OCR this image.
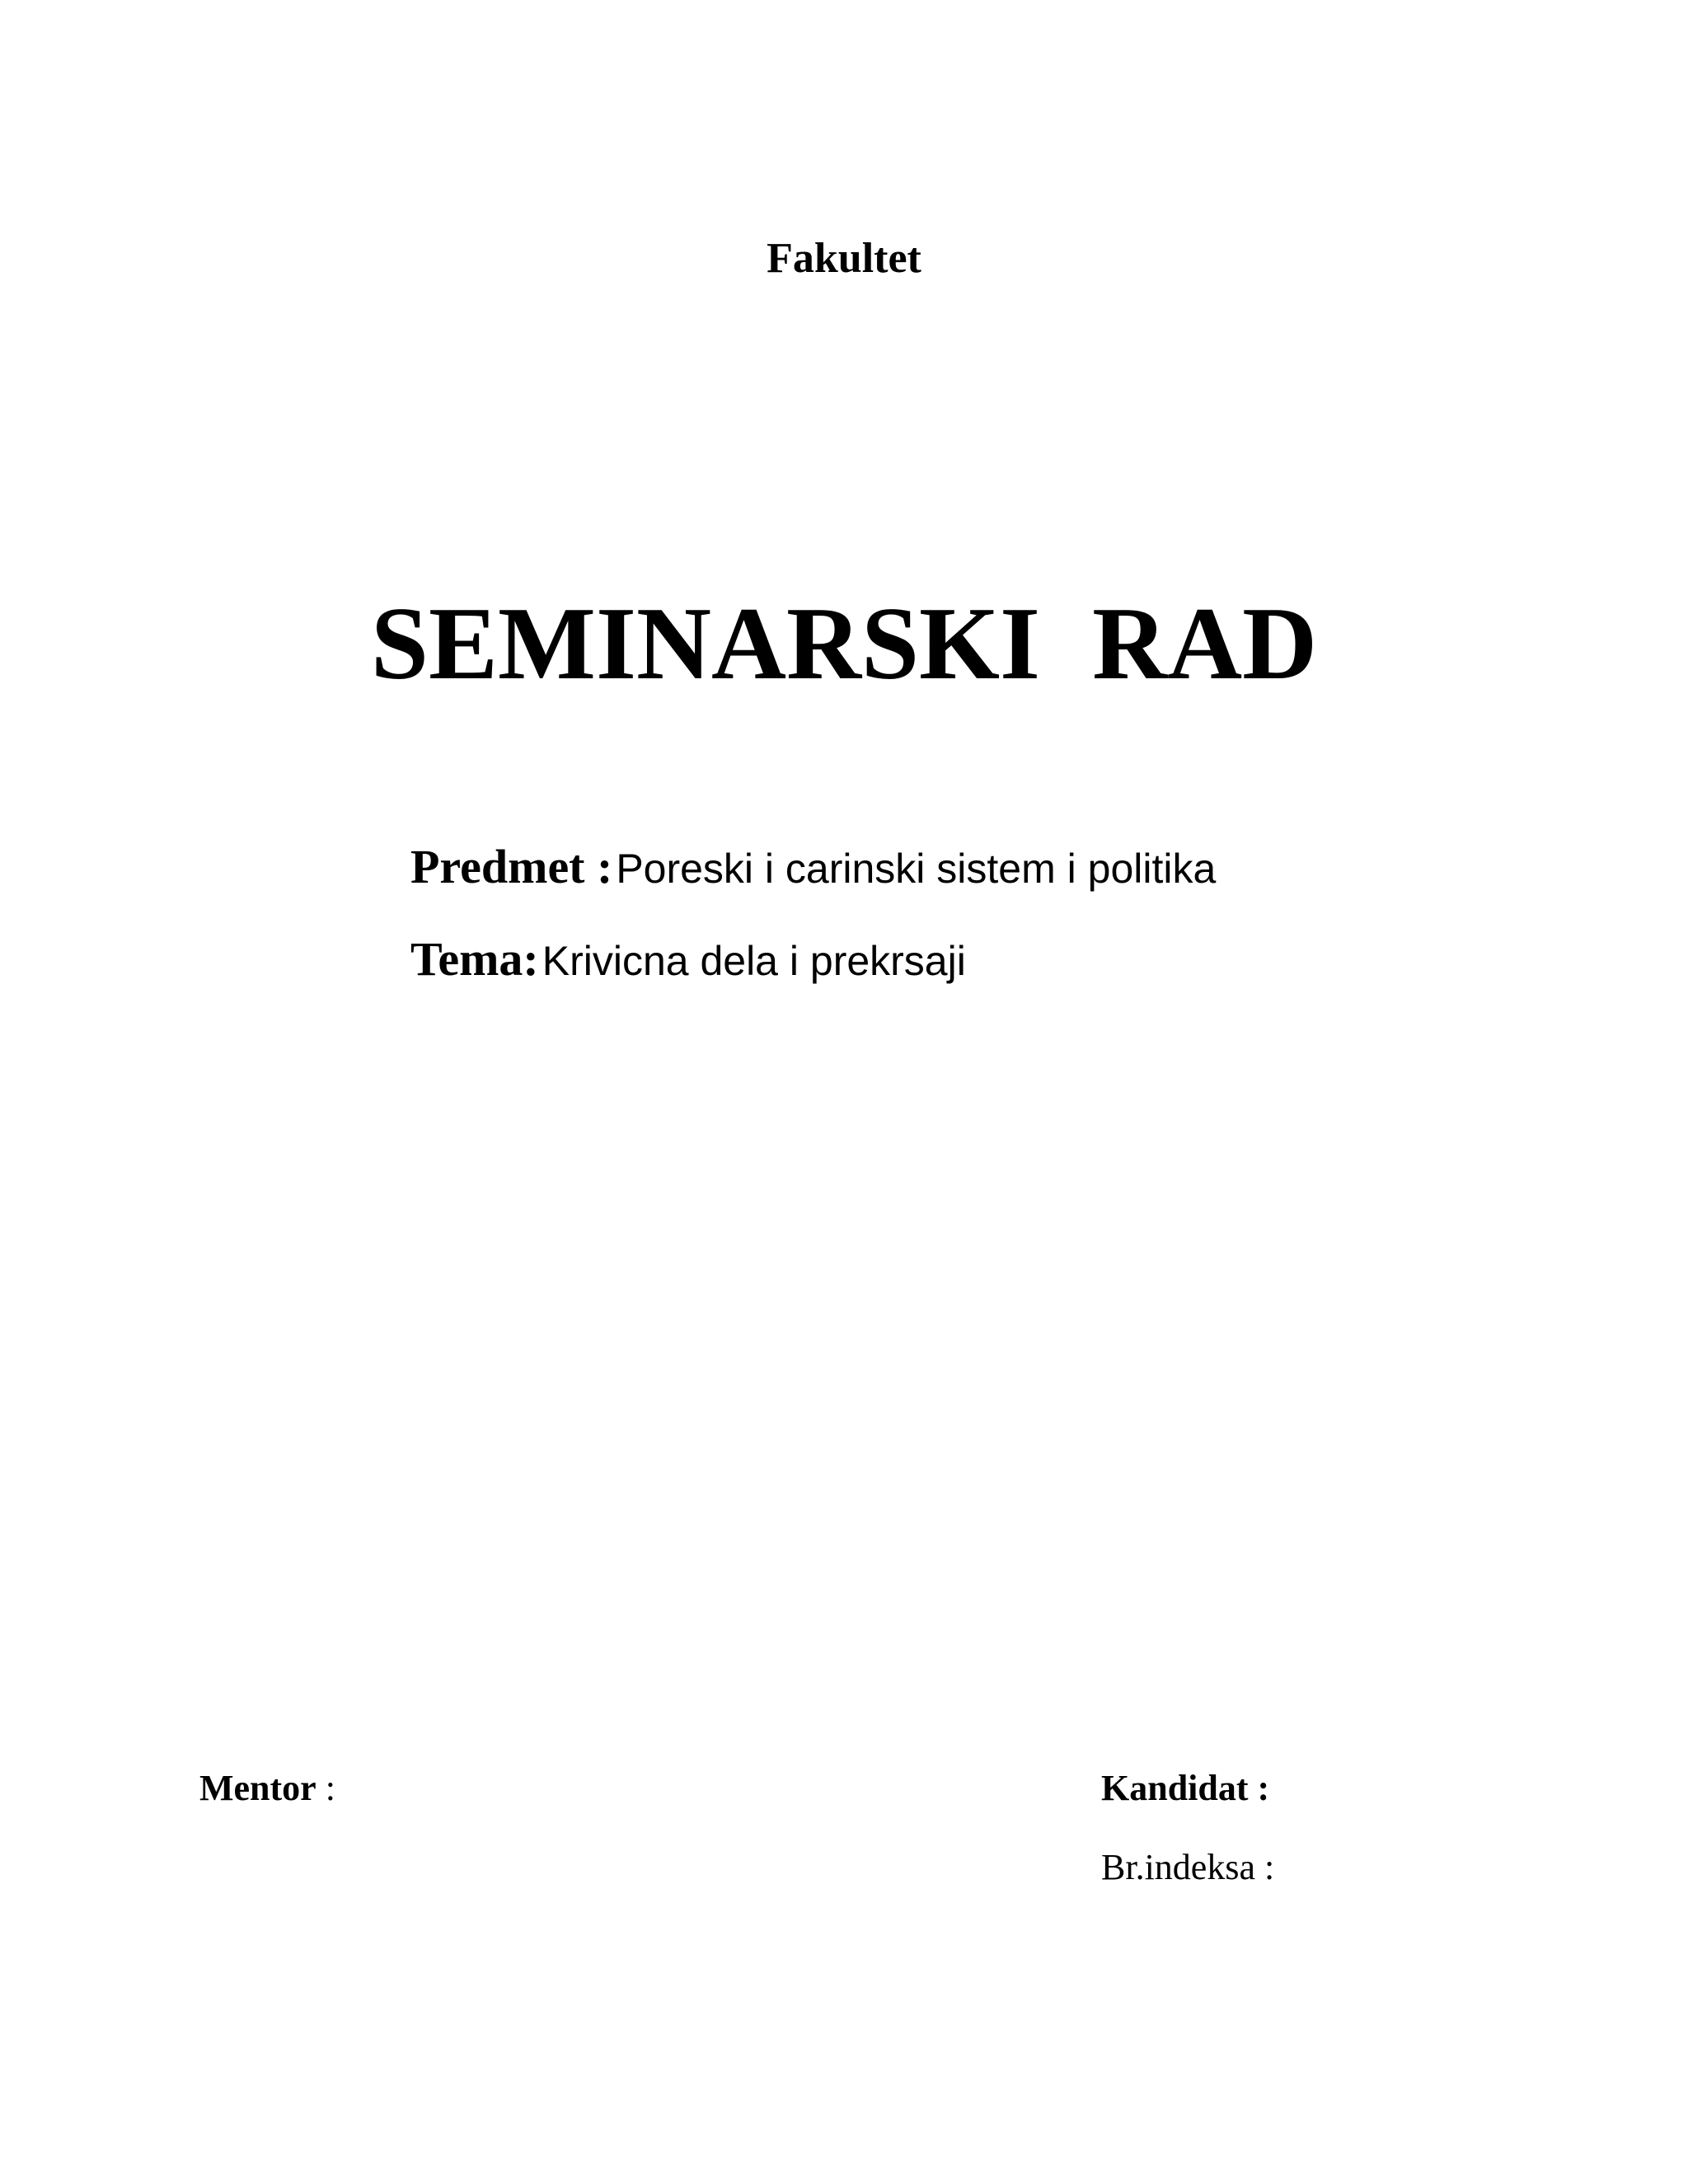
Fakultet
SEMINARSKI  RAD
Predmet : Poreski i carinski sistem i politika
Tema: Krivicna dela i prekrsaji
Mentor :	Kandidat :
Br.indeksa :
